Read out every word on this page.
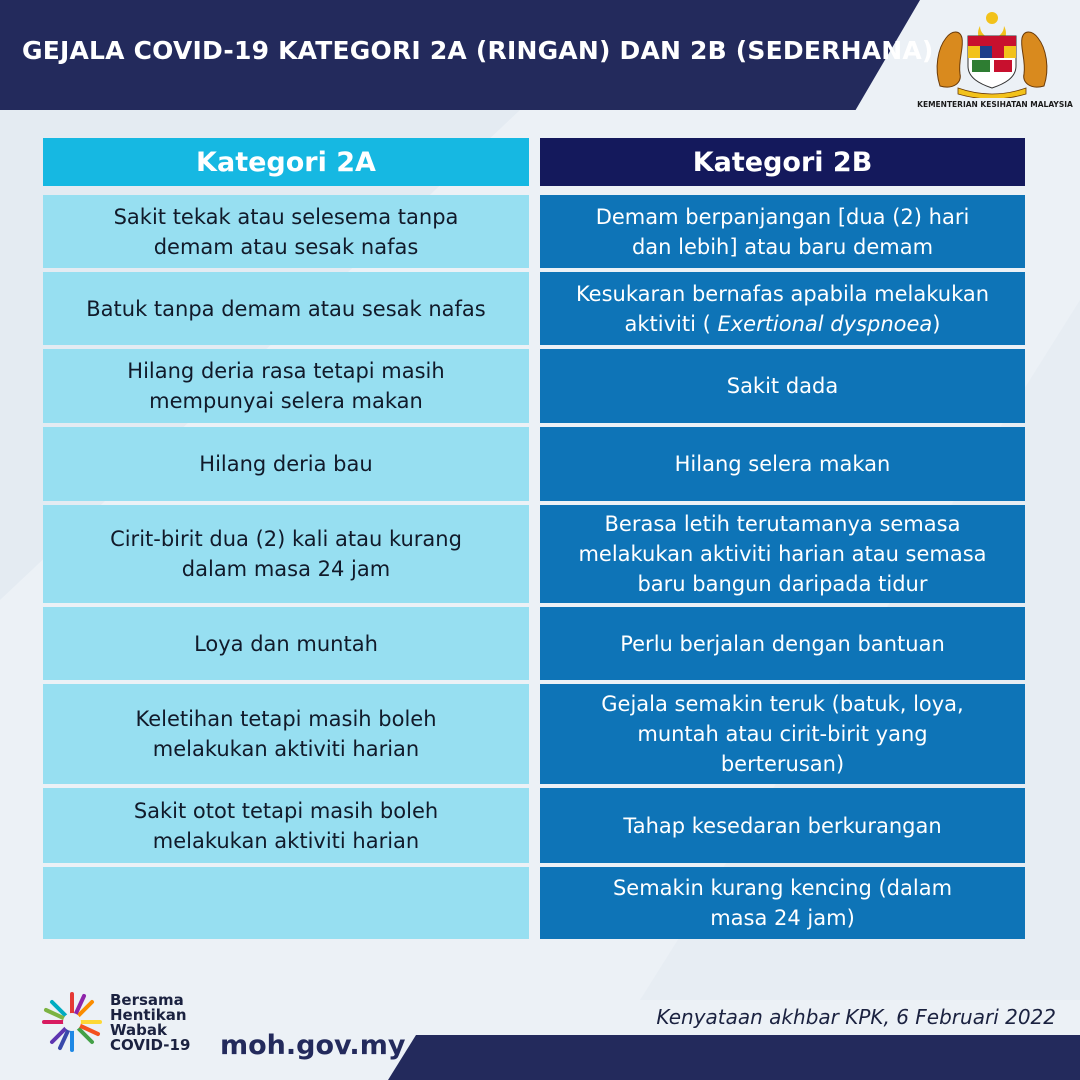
GEJALA COVID-19 KATEGORI 2A (RINGAN) DAN 2B (SEDERHANA)
KEMENTERIAN KESIHATAN MALAYSIA
Kategori 2A
Sakit tekak atau selesema tanpa
demam atau sesak nafas
Batuk tanpa demam atau sesak nafas
Hilang deria rasa tetapi masih
mempunyai selera makan
Hilang deria bau
Cirit-birit dua (2) kali atau kurang
dalam masa 24 jam
Loya dan muntah
Keletihan tetapi masih boleh
melakukan aktiviti harian
Sakit otot tetapi masih boleh
melakukan aktiviti harian
Kategori 2B
Demam berpanjangan [dua (2) hari
dan lebih] atau baru demam
Kesukaran bernafas apabila melakukan
aktiviti ( Exertional dyspnoea)
Sakit dada
Hilang selera makan
Berasa letih terutamanya semasa
melakukan aktiviti harian atau semasa
baru bangun daripada tidur
Perlu berjalan dengan bantuan
Gejala semakin teruk (batuk, loya,
muntah atau cirit-birit yang
berterusan)
Tahap kesedaran berkurangan
Semakin kurang kencing (dalam
masa 24 jam)
Kenyataan akhbar KPK, 6 Februari 2022
Bersama
Hentikan
Wabak
COVID-19 moh.gov.my
